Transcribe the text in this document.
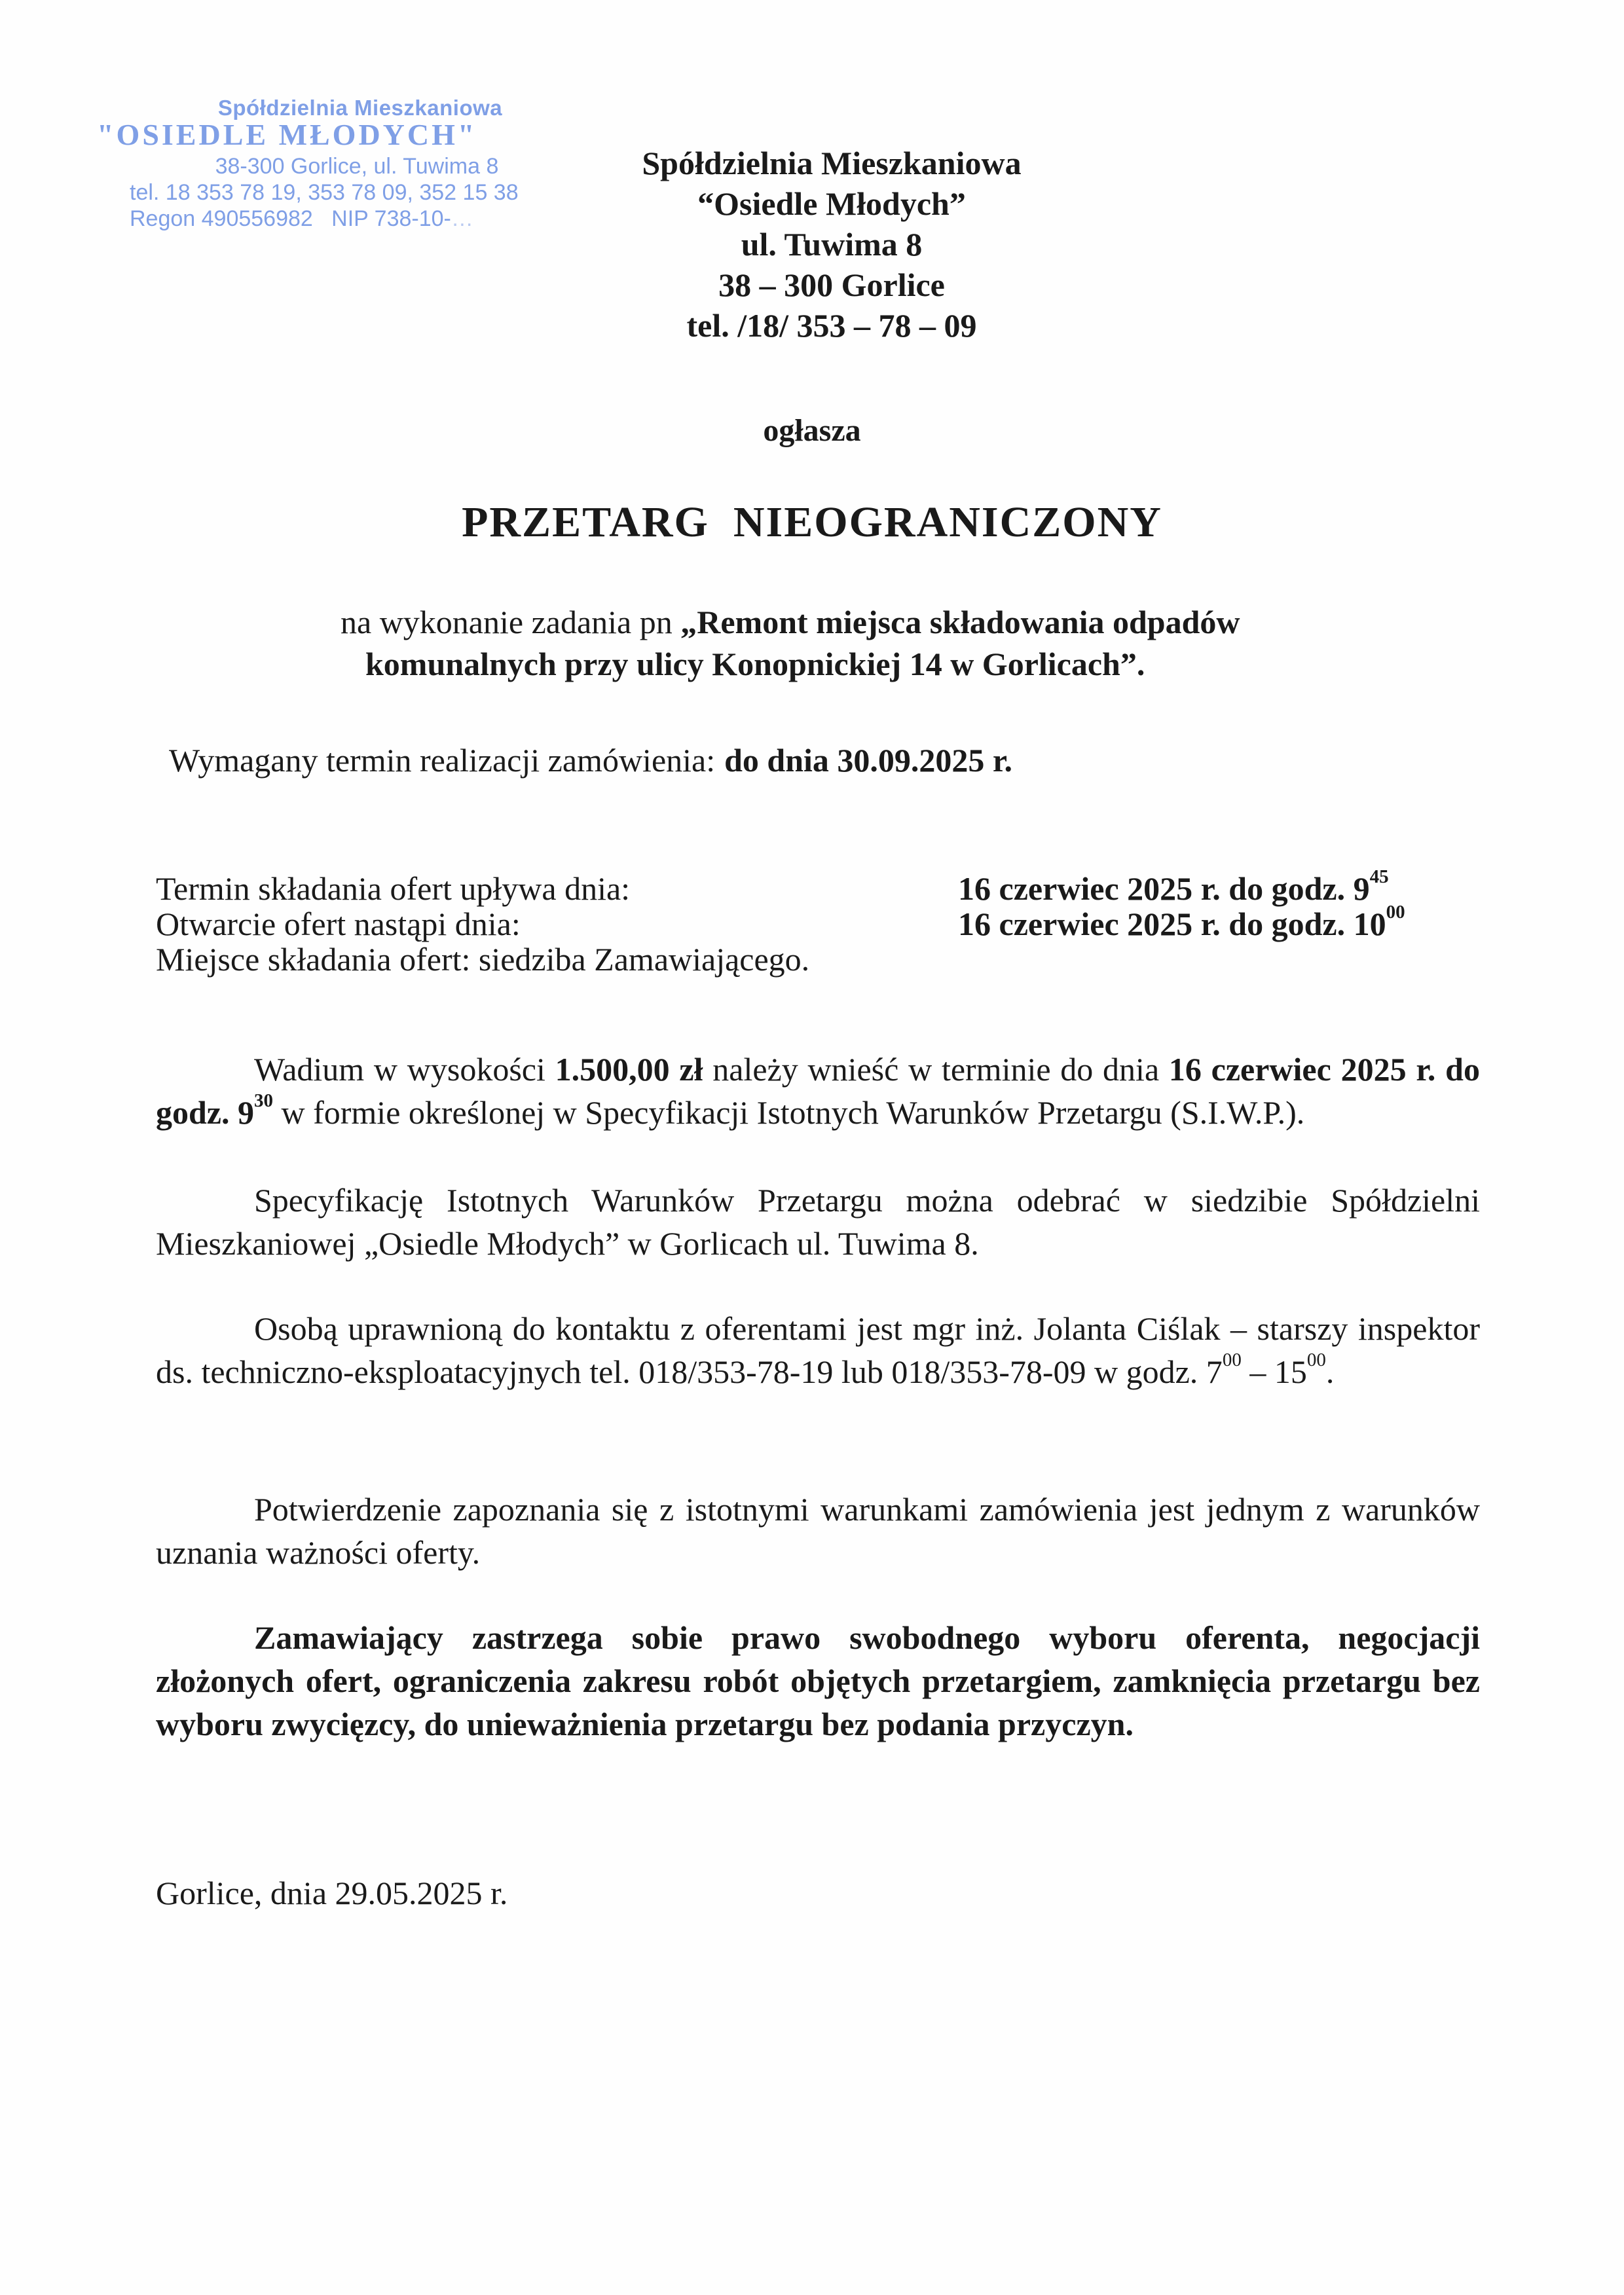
Spółdzielnia Mieszkaniowa
"OSIEDLE MŁODYCH"
38-300 Gorlice, ul. Tuwima 8
tel. 18 353 78 19, 353 78 09, 352 15 38
Regon 490556982 NIP 738-10-…
Spółdzielnia Mieszkaniowa
“Osiedle Młodych”
ul. Tuwima 8
38 – 300 Gorlice
tel. /18/ 353 – 78 – 09
ogłasza
PRZETARG  NIEOGRANICZONY
na wykonanie zadania pn „Remont miejsca składowania odpadów
komunalnych przy ulicy Konopnickiej 14 w Gorlicach”.
Wymagany termin realizacji zamówienia: do dnia 30.09.2025 r.
Termin składania ofert upływa dnia:	16 czerwiec 2025 r. do godz. $9^{45}$
Otwarcie ofert nastąpi dnia:	16 czerwiec 2025 r. do godz. $10^{00}$
Miejsce składania ofert: siedziba Zamawiającego.
Wadium w wysokości 1.500,00 zł należy wnieść w terminie do dnia 16 czerwiec 2025 r. do godz. $9^{30}$ w formie określonej w Specyfikacji Istotnych Warunków Przetargu (S.I.W.P.).
Specyfikację Istotnych Warunków Przetargu można odebrać w siedzibie Spółdzielni Mieszkaniowej „Osiedle Młodych” w Gorlicach ul. Tuwima 8.
Osobą uprawnioną do kontaktu z oferentami jest mgr inż. Jolanta Ciślak – starszy inspektor ds. techniczno-eksploatacyjnych tel. 018/353-78-19 lub 018/353-78-09 w godz. $7^{00} - 15^{00}$.
Potwierdzenie zapoznania się z istotnymi warunkami zamówienia jest jednym z warunków uznania ważności oferty.
Zamawiający zastrzega sobie prawo swobodnego wyboru oferenta, negocjacji złożonych ofert, ograniczenia zakresu robót objętych przetargiem, zamknięcia przetargu bez wyboru zwycięzcy, do unieważnienia przetargu bez podania przyczyn.
Gorlice, dnia 29.05.2025 r.
